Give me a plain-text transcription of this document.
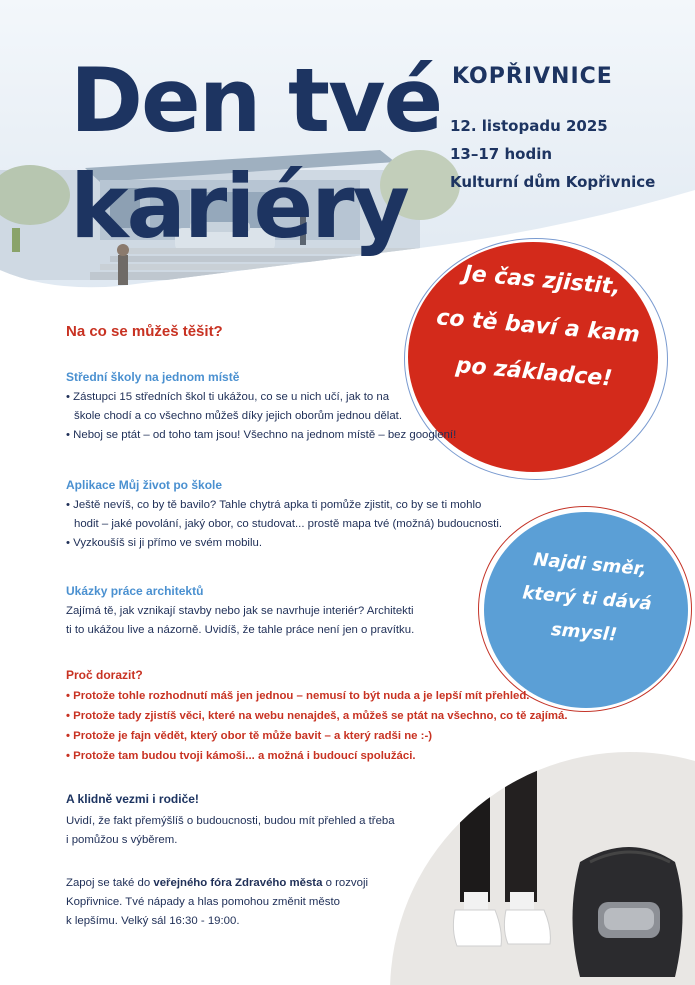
Den tvé
kariéry
KOPŘIVNICE
12. listopadu 2025
13–17 hodin
Kulturní dům Kopřivnice
Je čas zjistit,
co tě baví a kam
po základce!
Najdi směr,
který ti dává
smysl!
Na co se můžeš těšit?
Střední školy na jednom místě

• Zástupci 15 středních škol ti ukážou, co se u nich učí, jak to na

škole chodí a co všechno můžeš díky jejich oborům jednou dělat.

• Neboj se ptát – od toho tam jsou! Všechno na jednom místě – bez googlení!

Aplikace Můj život po škole

• Ještě nevíš, co by tě bavilo? Tahle chytrá apka ti pomůže zjistit, co by se ti mohlo

hodit – jaké povolání, jaký obor, co studovat... prostě mapa tvé (možná) budoucnosti.

• Vyzkoušíš si ji přímo ve svém mobilu.

Ukázky práce architektů

Zajímá tě, jak vznikají stavby nebo jak se navrhuje interiér? Architekti

ti to ukážou live a názorně. Uvidíš, že tahle práce není jen o pravítku.

Proč dorazit?
• Protože tohle rozhodnutí máš jen jednou – nemusí to být nuda a je lepší mít přehled.
• Protože tady zjistíš věci, které na webu nenajdeš, a můžeš se ptát na všechno, co tě zajímá.
• Protože je fajn vědět, který obor tě může bavit – a který radši ne :-)
• Protože tam budou tvoji kámoši... a možná i budoucí spolužáci.
A klidně vezmi i rodiče!

Uvidí, že fakt přemýšlíš o budoucnosti, budou mít přehled a třeba

i pomůžou s výběrem.

Zapoj se také do veřejného fóra Zdravého města o rozvoji

Kopřivnice. Tvé nápady a hlas pomohou změnit město

k lepšímu. Velký sál 16:30 - 19:00.
